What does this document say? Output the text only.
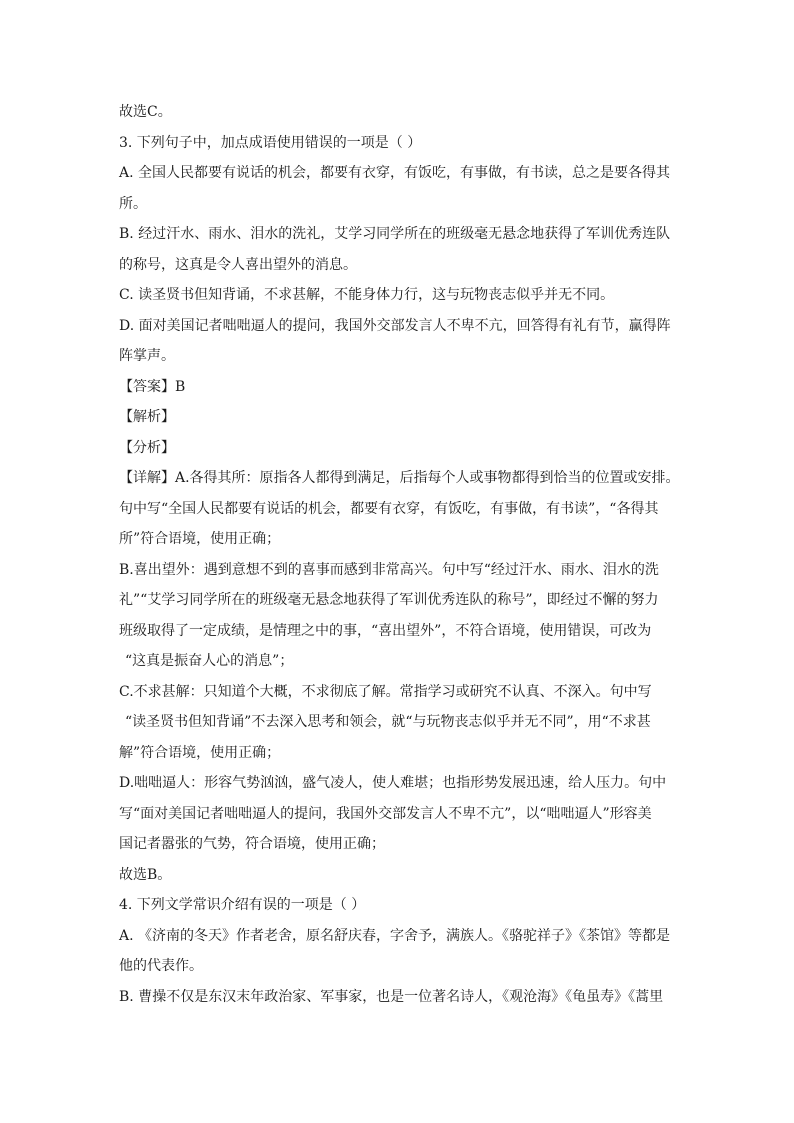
故选C。
3. 下列句子中，加点成语使用错误的一项是（ ）
A. 全国人民都要有说话的机会，都要有衣穿，有饭吃，有事做，有书读，总之是要各得其
所。
B. 经过汗水、雨水、泪水的洗礼，艾学习同学所在的班级毫无悬念地获得了军训优秀连队
的称号，这真是令人喜出望外的消息。
C. 读圣贤书但知背诵，不求甚解，不能身体力行，这与玩物丧志似乎并无不同。
D. 面对美国记者咄咄逼人的提问，我国外交部发言人不卑不亢，回答得有礼有节，赢得阵
阵掌声。
【答案】B
【解析】
【分析】
【详解】A.各得其所：原指各人都得到满足，后指每个人或事物都得到恰当的位置或安排。
句中写“全国人民都要有说话的机会，都要有衣穿，有饭吃，有事做，有书读”，“各得其
所”符合语境，使用正确；
B.喜出望外：遇到意想不到的喜事而感到非常高兴。句中写“经过汗水、雨水、泪水的洗
礼”“艾学习同学所在的班级毫无悬念地获得了军训优秀连队的称号”，即经过不懈的努力
班级取得了一定成绩，是情理之中的事，“喜出望外”，不符合语境，使用错误，可改为
“这真是振奋人心的消息”；
C.不求甚解：只知道个大概，不求彻底了解。常指学习或研究不认真、不深入。句中写
“读圣贤书但知背诵”不去深入思考和领会，就“与玩物丧志似乎并无不同”，用“不求甚
解”符合语境，使用正确；
D.咄咄逼人：形容气势汹汹，盛气凌人，使人难堪；也指形势发展迅速，给人压力。句中
写“面对美国记者咄咄逼人的提问，我国外交部发言人不卑不亢”，以“咄咄逼人”形容美
国记者嚣张的气势，符合语境，使用正确；
故选B。
4. 下列文学常识介绍有误的一项是（ ）
A. 《济南的冬天》作者老舍，原名舒庆春，字舍予，满族人。《骆驼祥子》《茶馆》等都是
他的代表作。
B. 曹操不仅是东汉末年政治家、军事家，也是一位著名诗人，《观沧海》《龟虽寿》《蒿里
